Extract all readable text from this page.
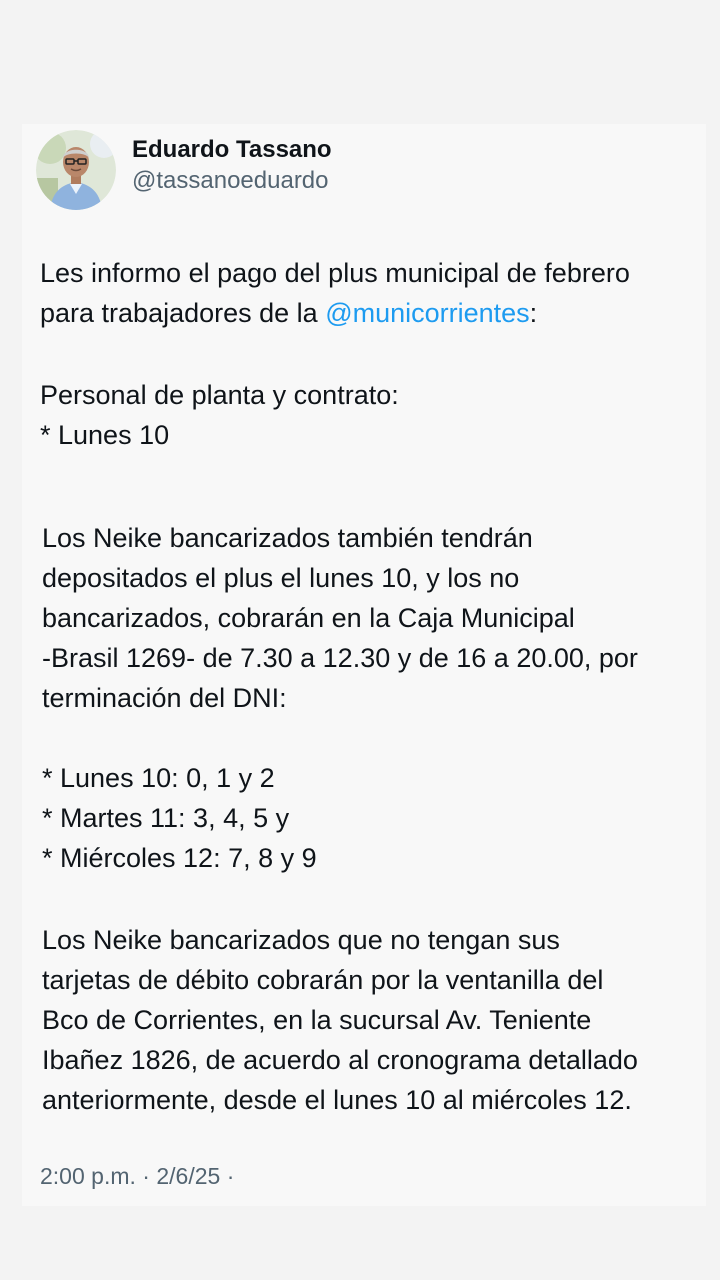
Eduardo Tassano
@tassanoeduardo
Les informo el pago del plus municipal de febrero
para trabajadores de la @municorrientes:
Personal de planta y contrato:
* Lunes 10
Los Neike bancarizados también tendrán
depositados el plus el lunes 10, y los no
bancarizados, cobrarán en la Caja Municipal
-Brasil 1269- de 7.30 a 12.30 y de 16 a 20.00, por
terminación del DNI:
* Lunes 10: 0, 1 y 2
* Martes 11: 3, 4, 5 y
* Miércoles 12: 7, 8 y 9
Los Neike bancarizados que no tengan sus
tarjetas de débito cobrarán por la ventanilla del
Bco de Corrientes, en la sucursal Av. Teniente
Ibañez 1826, de acuerdo al cronograma detallado
anteriormente, desde el lunes 10 al miércoles 12.
2:00 p.m. · 2/6/25 ·
